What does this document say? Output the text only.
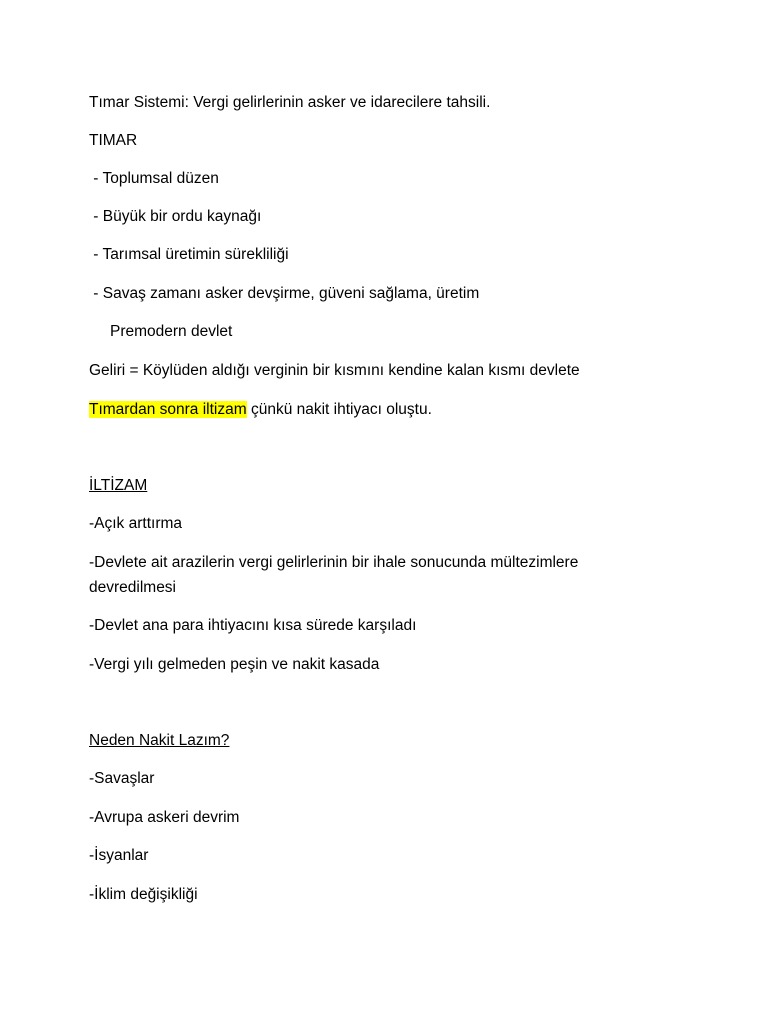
Tımar Sistemi: Vergi gelirlerinin asker ve idarecilere tahsili.
TIMAR
- Toplumsal düzen
- Büyük bir ordu kaynağı
- Tarımsal üretimin sürekliliği
- Savaş zamanı asker devşirme, güveni sağlama, üretim
Premodern devlet
Geliri = Köylüden aldığı verginin bir kısmını kendine kalan kısmı devlete
Tımardan sonra iltizam çünkü nakit ihtiyacı oluştu.
İLTİZAM
-Açık arttırma
-Devlete ait arazilerin vergi gelirlerinin bir ihale sonucunda mültezimlere
devredilmesi
-Devlet ana para ihtiyacını kısa sürede karşıladı
-Vergi yılı gelmeden peşin ve nakit kasada
Neden Nakit Lazım?
-Savaşlar
-Avrupa askeri devrim
-İsyanlar
-İklim değişikliği
